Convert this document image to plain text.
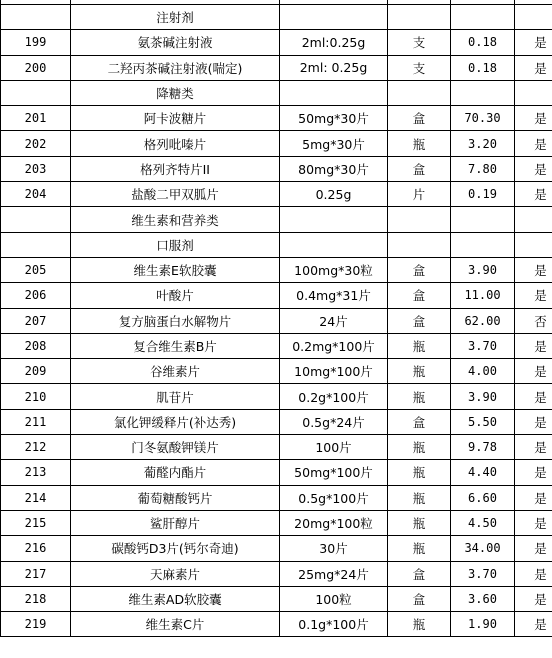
	注射剂				
199	氨茶碱注射液	2ml:0.25g	支	0.18	是
200	二羟丙茶碱注射液(喘定)	2ml: 0.25g	支	0.18	是
	降糖类				
201	阿卡波糖片	50mg*30片	盒	70.30	是
202	格列吡嗪片	5mg*30片	瓶	3.20	是
203	格列齐特片II	80mg*30片	盒	7.80	是
204	盐酸二甲双胍片	0.25g	片	0.19	是
	维生素和营养类				
	口服剂				
205	维生素E软胶囊	100mg*30粒	盒	3.90	是
206	叶酸片	0.4mg*31片	盒	11.00	是
207	复方脑蛋白水解物片	24片	盒	62.00	否
208	复合维生素B片	0.2mg*100片	瓶	3.70	是
209	谷维素片	10mg*100片	瓶	4.00	是
210	肌苷片	0.2g*100片	瓶	3.90	是
211	氯化钾缓释片(补达秀)	0.5g*24片	盒	5.50	是
212	门冬氨酸钾镁片	100片	瓶	9.78	是
213	葡醛内酯片	50mg*100片	瓶	4.40	是
214	葡萄糖酸钙片	0.5g*100片	瓶	6.60	是
215	鲨肝醇片	20mg*100粒	瓶	4.50	是
216	碳酸钙D3片(钙尔奇迪)	30片	瓶	34.00	是
217	天麻素片	25mg*24片	盒	3.70	是
218	维生素AD软胶囊	100粒	盒	3.60	是
219	维生素C片	0.1g*100片	瓶	1.90	是
